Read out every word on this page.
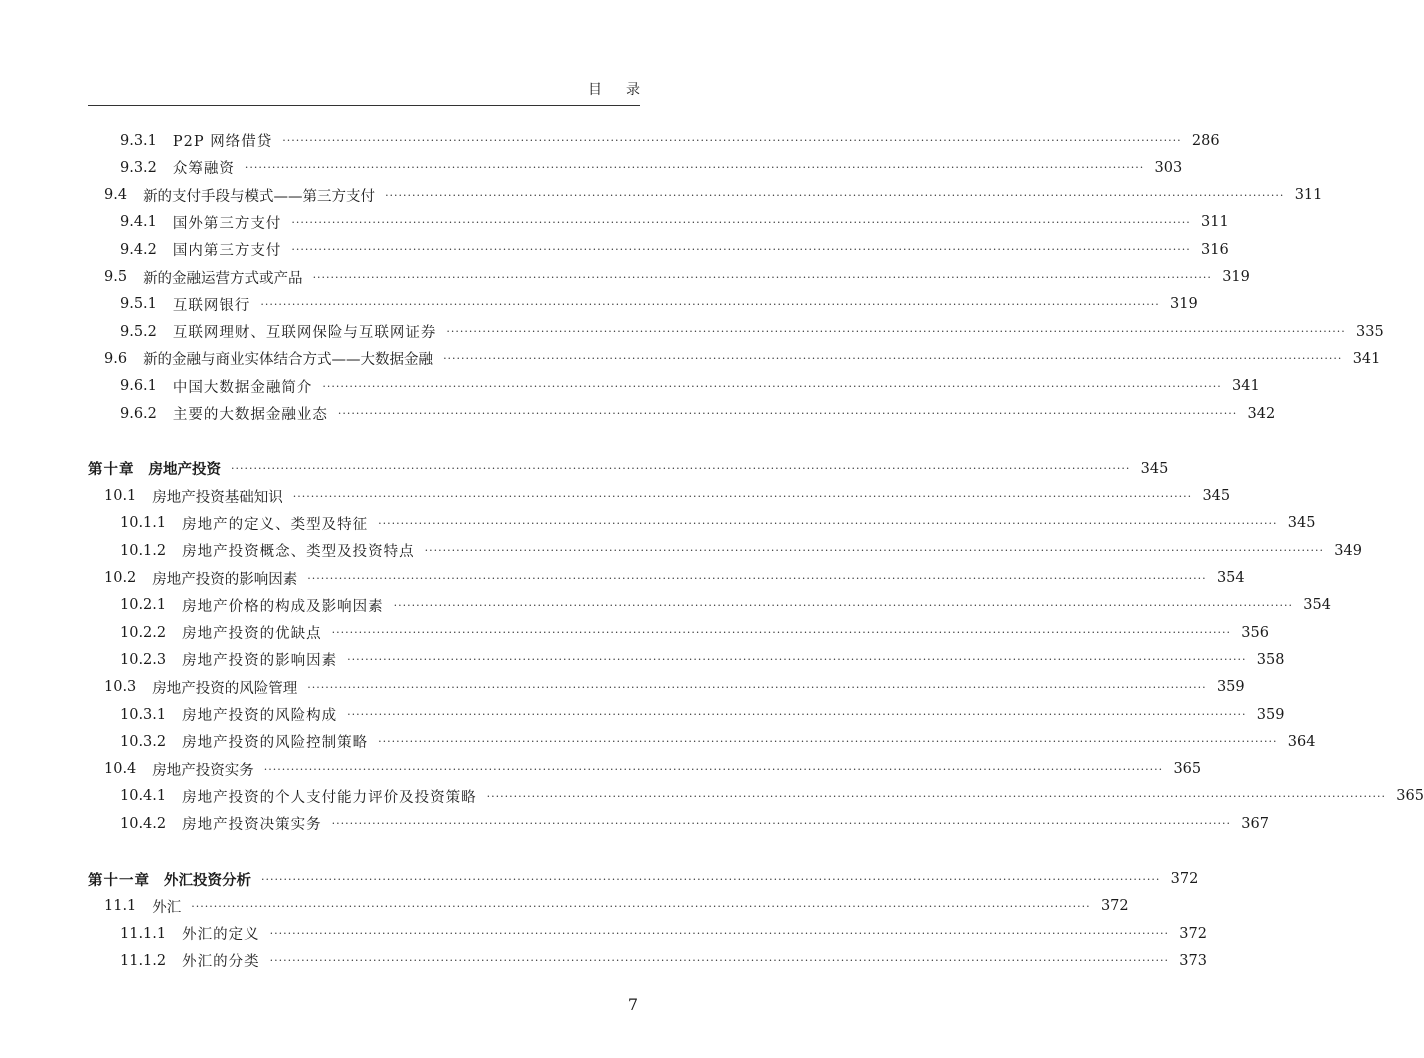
目录
9.3.1 P2P 网络借贷 ········································································································································································································ 286
9.3.2 众筹融资 ········································································································································································································ 303
9.4 新的支付手段与模式——第三方支付 ········································································································································································································ 311
9.4.1 国外第三方支付 ········································································································································································································ 311
9.4.2 国内第三方支付 ········································································································································································································ 316
9.5 新的金融运营方式或产品 ········································································································································································································ 319
9.5.1 互联网银行 ········································································································································································································ 319
9.5.2 互联网理财、互联网保险与互联网证券 ········································································································································································································ 335
9.6 新的金融与商业实体结合方式——大数据金融 ········································································································································································································ 341
9.6.1 中国大数据金融简介 ········································································································································································································ 341
9.6.2 主要的大数据金融业态 ········································································································································································································ 342
第十章 房地产投资 ········································································································································································································ 345
10.1 房地产投资基础知识 ········································································································································································································ 345
10.1.1 房地产的定义、类型及特征 ········································································································································································································ 345
10.1.2 房地产投资概念、类型及投资特点 ········································································································································································································ 349
10.2 房地产投资的影响因素 ········································································································································································································ 354
10.2.1 房地产价格的构成及影响因素 ········································································································································································································ 354
10.2.2 房地产投资的优缺点 ········································································································································································································ 356
10.2.3 房地产投资的影响因素 ········································································································································································································ 358
10.3 房地产投资的风险管理 ········································································································································································································ 359
10.3.1 房地产投资的风险构成 ········································································································································································································ 359
10.3.2 房地产投资的风险控制策略 ········································································································································································································ 364
10.4 房地产投资实务 ········································································································································································································ 365
10.4.1 房地产投资的个人支付能力评价及投资策略 ········································································································································································································ 365
10.4.2 房地产投资决策实务 ········································································································································································································ 367
第十一章 外汇投资分析 ········································································································································································································ 372
11.1 外汇 ········································································································································································································ 372
11.1.1 外汇的定义 ········································································································································································································ 372
11.1.2 外汇的分类 ········································································································································································································ 373
7
